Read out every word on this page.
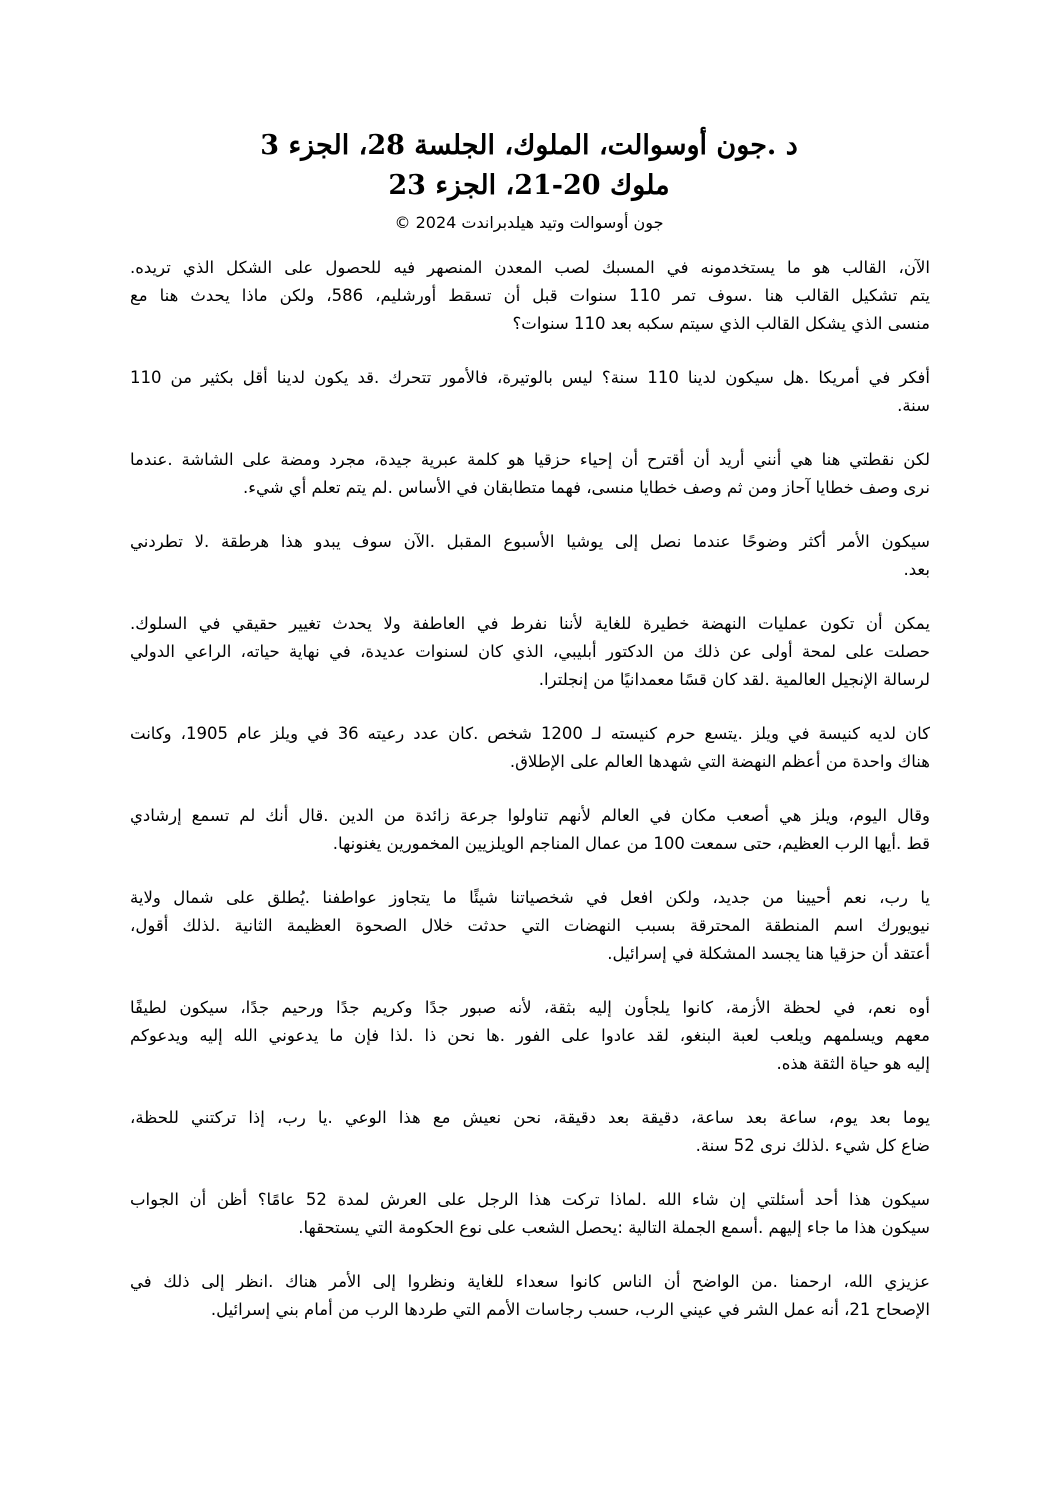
د .جون أوسوالت، الملوك، الجلسة 28، الجزء 3
ملوك 20-21، الجزء 23
جون أوسوالت وتيد هيلدبراندت 2024 ©
الآن، القالب هو ما يستخدمونه في المسبك لصب المعدن المنصهر فيه للحصول على الشكل الذي تريده.
يتم تشكيل القالب هنا .سوف تمر 110 سنوات قبل أن تسقط أورشليم، 586، ولكن ماذا يحدث هنا مع
منسى الذي يشكل القالب الذي سيتم سكبه بعد 110 سنوات؟
أفكر في أمريكا .هل سيكون لدينا 110 سنة؟ ليس بالوتيرة، فالأمور تتحرك .قد يكون لدينا أقل بكثير من 110
سنة.
لكن نقطتي هنا هي أنني أريد أن أقترح أن إحياء حزقيا هو كلمة عبرية جيدة، مجرد ومضة على الشاشة .عندما
نرى وصف خطايا آحاز ومن ثم وصف خطايا منسى، فهما متطابقان في الأساس .لم يتم تعلم أي شيء.
سيكون الأمر أكثر وضوحًا عندما نصل إلى يوشيا الأسبوع المقبل .الآن سوف يبدو هذا هرطقة .لا تطردني
بعد.
يمكن أن تكون عمليات النهضة خطيرة للغاية لأننا نفرط في العاطفة ولا يحدث تغيير حقيقي في السلوك.
حصلت على لمحة أولى عن ذلك من الدكتور أبليبي، الذي كان لسنوات عديدة، في نهاية حياته، الراعي الدولي
لرسالة الإنجيل العالمية .لقد كان قسًا معمدانيًا من إنجلترا.
كان لديه كنيسة في ويلز .يتسع حرم كنيسته لـ 1200 شخص .كان عدد رعيته 36 في ويلز عام 1905، وكانت
هناك واحدة من أعظم النهضة التي شهدها العالم على الإطلاق.
وقال اليوم، ويلز هي أصعب مكان في العالم لأنهم تناولوا جرعة زائدة من الدين .قال أنك لم تسمع إرشادي
قط .أيها الرب العظيم، حتى سمعت 100 من عمال المناجم الويلزيين المخمورين يغنونها.
يا رب، نعم أحيينا من جديد، ولكن افعل في شخصياتنا شيئًا ما يتجاوز عواطفنا .يُطلق على شمال ولاية
نيويورك اسم المنطقة المحترقة بسبب النهضات التي حدثت خلال الصحوة العظيمة الثانية .لذلك أقول،
أعتقد أن حزقيا هنا يجسد المشكلة في إسرائيل.
أوه نعم، في لحظة الأزمة، كانوا يلجأون إليه بثقة، لأنه صبور جدًا وكريم جدًا ورحيم جدًا، سيكون لطيفًا
معهم ويسلمهم ويلعب لعبة البنغو، لقد عادوا على الفور .ها نحن ذا .لذا فإن ما يدعوني الله إليه ويدعوكم
إليه هو حياة الثقة هذه.
يوما بعد يوم، ساعة بعد ساعة، دقيقة بعد دقيقة، نحن نعيش مع هذا الوعي .يا رب، إذا تركتني للحظة،
ضاع كل شيء .لذلك نرى 52 سنة.
سيكون هذا أحد أسئلتي إن شاء الله .لماذا تركت هذا الرجل على العرش لمدة 52 عامًا؟ أظن أن الجواب
سيكون هذا ما جاء إليهم .أسمع الجملة التالية :يحصل الشعب على نوع الحكومة التي يستحقها.
عزيزي الله، ارحمنا .من الواضح أن الناس كانوا سعداء للغاية ونظروا إلى الأمر هناك .انظر إلى ذلك في
الإصحاح 21، أنه عمل الشر في عيني الرب، حسب رجاسات الأمم التي طردها الرب من أمام بني إسرائيل.
